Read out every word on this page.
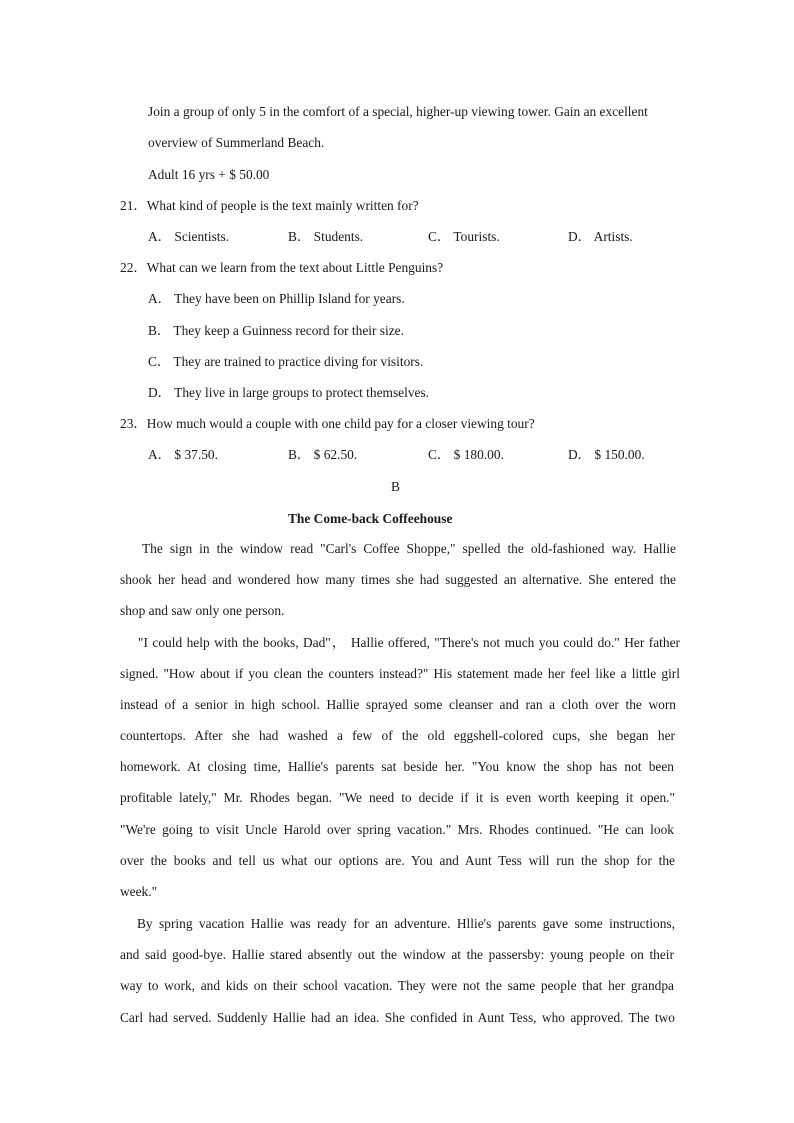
Join a group of only 5 in the comfort of a special, higher-up viewing tower. Gain an excellent
overview of Summerland Beach.
Adult 16 yrs + $ 50.00
21．What kind of people is the text mainly written for?
A． Scientists.	B． Students.	C． Tourists.	D． Artists.
22．What can we learn from the text about Little Penguins?
A． They have been on Phillip Island for years.
B． They keep a Guinness record for their size.
C． They are trained to practice diving for visitors.
D． They live in large groups to protect themselves.
23．How much would a couple with one child pay for a closer viewing tour?
A． $ 37.50.	B． $ 62.50.	C． $ 180.00.	D． $ 150.00.
B
The Come-back Coffeehouse
The sign in the window read "Carl's Coffee Shoppe," spelled the old-fashioned way. Hallie
shook her head and wondered how many times she had suggested an alternative. She entered the
shop and saw only one person.
"I could help with the books, Dad"， Hallie offered, "There's not much you could do." Her father
signed. "How about if you clean the counters instead?" His statement made her feel like a little girl
instead of a senior in high school. Hallie sprayed some cleanser and ran a cloth over the worn
countertops. After she had washed a few of the old eggshell-colored cups, she began her
homework. At closing time, Hallie's parents sat beside her. "You know the shop has not been
profitable lately," Mr. Rhodes began. "We need to decide if it is even worth keeping it open."
"We're going to visit Uncle Harold over spring vacation." Mrs. Rhodes continued. "He can look
over the books and tell us what our options are. You and Aunt Tess will run the shop for the
week."
By spring vacation Hallie was ready for an adventure. Hllie's parents gave some instructions,
and said good-bye. Hallie stared absently out the window at the passersby: young people on their
way to work, and kids on their school vacation. They were not the same people that her grandpa
Carl had served. Suddenly Hallie had an idea. She confided in Aunt Tess, who approved. The two
